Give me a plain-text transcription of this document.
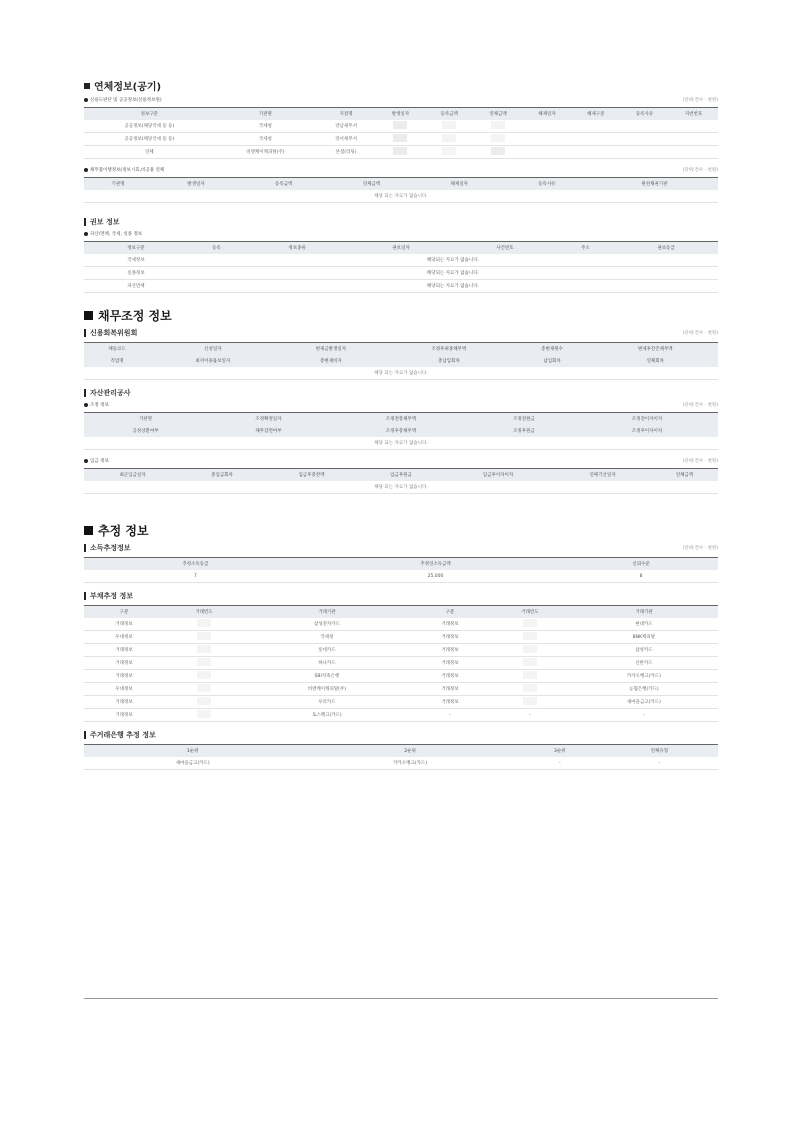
연체정보(공기)
신용도판단 및 공공정보(신용정보원)	(단위:건수 · 천원)
정보구분	기관명	지점명	발생일자	등록금액	연체금액	해제일자	해제구분	등록사유	지번번호
공공정보(체당국세 등 등)	국세청	강남세무서							
공공정보(체당국세 등 등)	국세청	강서세무서							
연체	비엔케이캐피탈(주)	본점(리딩)							
채무불이행정보(정보시효,비공용 연체	(단위:건수 · 천원)
기관명	발생일자	등록금액	연체금액	해제일자	등록사유	원천채권기관
해당 되는 자료가 없습니다.
권보 정보
파산/면책, 국세, 실종 정보
정보구분	등록	정보종류	권보일자	사건번호	주소	권보등급
국세정보	해당되는 자료가 없습니다.					
실종정보	해당되는 자료가 없습니다.					
파산면책	해당되는 자료가 없습니다.					
채무조정 정보
신용회복위원회	(단위:건수 · 천원)
채등코드	신청일자	변제금발생일자	조정후최종채무액	총변제횟수	변제후잔존채무액
직업명	최저이용률보일자	총변제비자	총납입회차	납입회차	연체회차
해당 되는 자료가 없습니다.					
자산관리공사
조정 정보	(단위:건수 · 천원)
기관명	조정확정일자	조정전총채무액	조정전원금	조정전이자이자
공정상환여부	채무감면여부	조정후총채무액	조정후원금	조정후이자이자
해당 되는 자료가 없습니다.				
입금 정보	(단위:건수 · 천원)
최근입금일자	총입금회차	입금후총잔액	입금후원금	입금후이자이자	연체기산일자	연체금액
해당 되는 자료가 없습니다.
추정 정보
소득추정정보	(단위:건수 · 천원)
추정소득등급	추정연소득금액	신뢰수준
7	25,000	8
부채추정 정보
구분	거래빈도	거래기관	구분	거래빈도	거래기관
거래정보		삼성전자카드	거래정보		현대카드
우대정보		국세청	거래정보		BNK캐피탈
거래정보		롯데카드	거래정보		삼성카드
거래정보		하나카드	거래정보		신한카드
거래정보		SBI저축은행	거래정보		카카오뱅크(카드)
우대정보		비엔케이캐피탈(주)	거래정보		농협은행(카드)
거래정보		우리카드	거래정보		새마을금고(카드)
거래정보		토스뱅크(카드)	-	-	-
주거래은행 추정 정보
1순위	2순위	3순위	연체유형
새마을금고(카드)	카카오뱅크(카드)	-	-
